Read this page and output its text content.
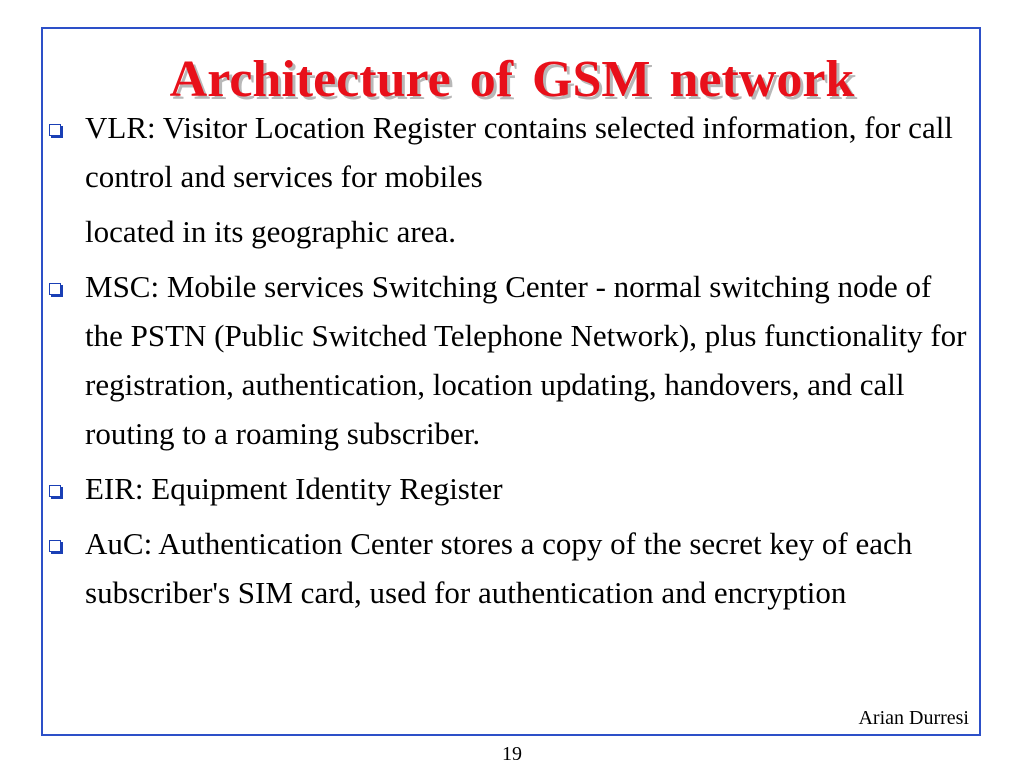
Architecture of GSM network
VLR: Visitor Location Register contains selected information, for call control and services for mobiles
located in its geographic area.
MSC: Mobile services Switching Center - normal switching node of the PSTN (Public Switched Telephone Network), plus functionality for registration, authentication, location updating, handovers, and call routing to a roaming subscriber.
EIR: Equipment Identity Register
AuC: Authentication Center stores a copy of the secret key of each subscriber's SIM card, used for authentication and encryption
Arian Durresi
19
